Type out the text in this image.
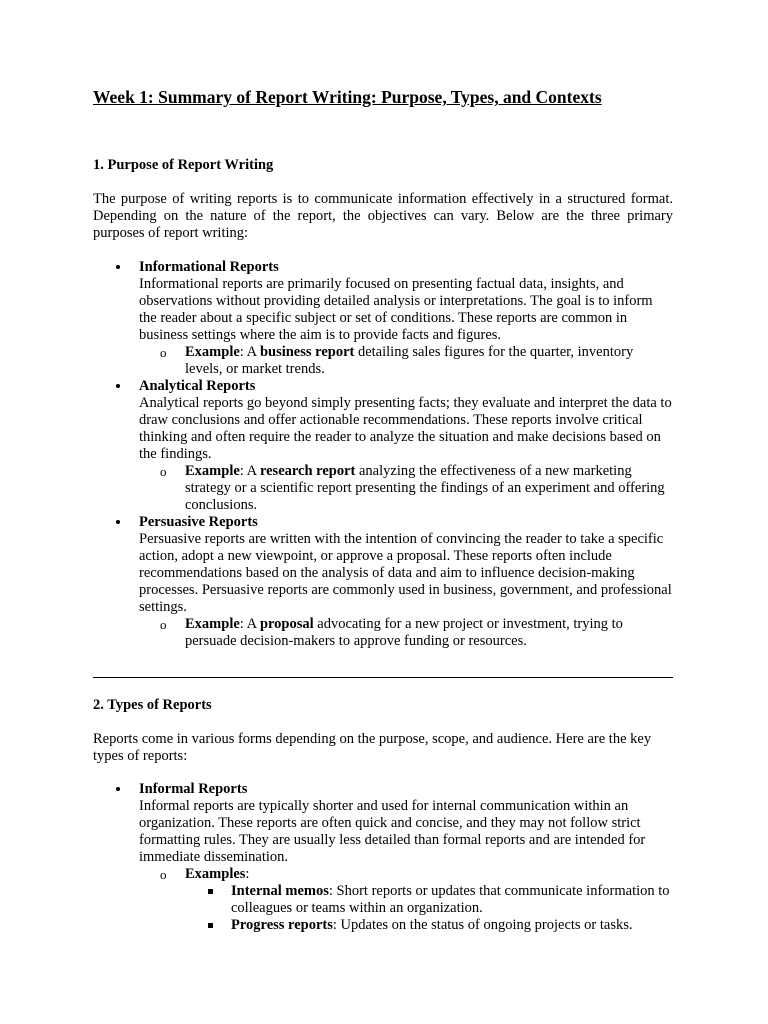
Week 1: Summary of Report Writing: Purpose, Types, and Contexts
1. Purpose of Report Writing
The purpose of writing reports is to communicate information effectively in a structured format. Depending on the nature of the report, the objectives can vary. Below are the three primary purposes of report writing:
Informational Reports
Informational reports are primarily focused on presenting factual data, insights, and observations without providing detailed analysis or interpretations. The goal is to inform the reader about a specific subject or set of conditions. These reports are common in business settings where the aim is to provide facts and figures.
o Example: A business report detailing sales figures for the quarter, inventory levels, or market trends.
Analytical Reports
Analytical reports go beyond simply presenting facts; they evaluate and interpret the data to draw conclusions and offer actionable recommendations. These reports involve critical thinking and often require the reader to analyze the situation and make decisions based on the findings.
o Example: A research report analyzing the effectiveness of a new marketing strategy or a scientific report presenting the findings of an experiment and offering conclusions.
Persuasive Reports
Persuasive reports are written with the intention of convincing the reader to take a specific action, adopt a new viewpoint, or approve a proposal. These reports often include recommendations based on the analysis of data and aim to influence decision-making processes. Persuasive reports are commonly used in business, government, and professional settings.
o Example: A proposal advocating for a new project or investment, trying to persuade decision-makers to approve funding or resources.
2. Types of Reports
Reports come in various forms depending on the purpose, scope, and audience. Here are the key types of reports:
Informal Reports
Informal reports are typically shorter and used for internal communication within an organization. These reports are often quick and concise, and they may not follow strict formatting rules. They are usually less detailed than formal reports and are intended for immediate dissemination.
o Examples:
Internal memos: Short reports or updates that communicate information to colleagues or teams within an organization.
Progress reports: Updates on the status of ongoing projects or tasks.
